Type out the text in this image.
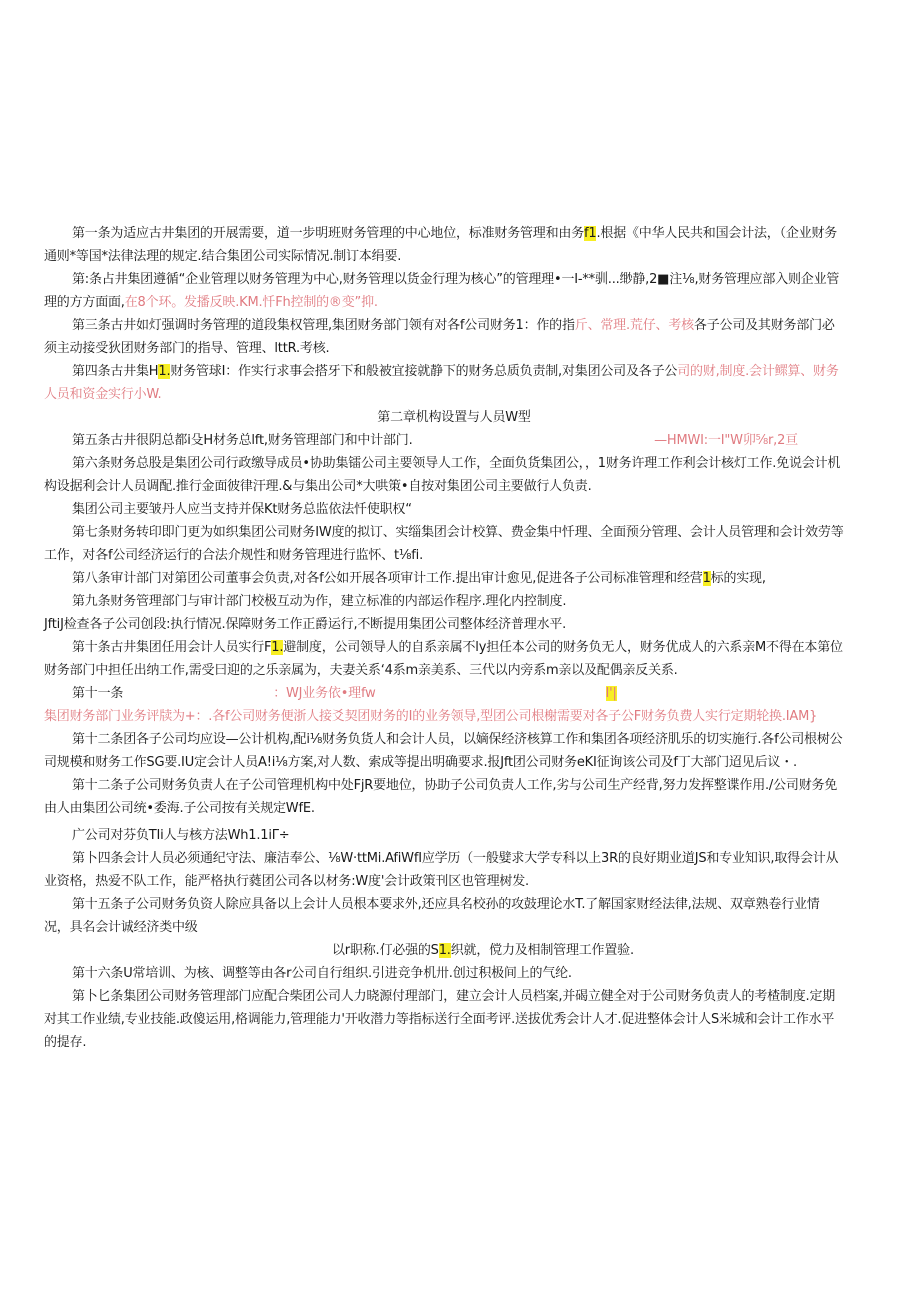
第一条为适应古井集团的开展需要，道一步明班财务管理的中心地位，标准财务管理和由务f1.根据《中华人民共和国会计法，（企业财务通则*等国*法律法理的规定.结合集团公司实际情况.制订本绢要.

第:条占井集团遵循“企业管理以财务管理为中心,财务管理以货金行理为核心”的管理理•一I-**驯...缈静,2■注⅛,财务管理应部入则企业管理的方方面面,在8个环。发播反映.KM.忏Fh控制的®变”抑.

第三条古井如灯强调时务管理的道段集权管理,集团财务部门领有对各f公司财务1：作的指斤、常理.荒仔、考核各子公司及其财务部门必须主动接受狄团财务部门的指导、管理、lttR.考核.

第四条古井集H1.财务管球I：作实行求事会搭牙下和般被宜接就静下的财务总质负责制,对集团公司及各子公司的财,制度.会计鳏算、财务人员和资金实行小W.

第二章机构设置与人员W型

第五条古井很阴总都i殳H材务总lft,财务管理部门和中计部门.	—HMWI:一I"W卯⅝r,2亘

第六条财务总股是集团公司行政缴导成员•协助集镭公司主要领导人工作，全面负货集团公，，1财务许理工作利会计核灯工作.免说会计机构设据利会计人员调配.推行金面彼律汗理.&与集出公司*大哄策•自按对集团公司主要做行人负责.

集团公司主要皱丹人应当支持并保Kt财务总监依法忏使职权“

第七条财务转印即门更为如织集团公司财务IW度的拟订、实缁集团会计校算、费金集中忏理、全面预分管理、会计人员管理和会计效劳等工作，对各f公司经济运行的合法介规性和财务管理进行监怀、t⅛fi.

第八条审计部门对第团公司董事会负责,对各f公如开展各项审计工作.提出审计愈见,促进各子公司标准管理和经营1标的实现,

第九条财务管理部门与审计部门校极互动为作，建立标准的内部运作程序.理化内控制度.

JftiJ检查各子公司创段:执行情况.保障财务工作正爵运行,不断提用集团公司整体经济普理水平.

第十条古井集团任用会计人员实行F1.避制度，公司领导人的自系亲属不ly担任本公司的财务负无人，财务优成人的六系亲M不得在本第位财务部门中担任出纳工作,需受曰迎的之乐亲属为，夫妻关系‘4系m亲美系、三代以内旁系m亲以及配偶亲反关系.

第十一条	：WJ业务依•理fw	I'|

集团财务部门业务评牍为+：.各f公司财务便浙人接爻契团财务的I的业务领导,型团公司根榭需要对各子公F财务负费人实行定期轮换.IAM}

第十二条团各子公司均应设—公计机构,配i⅛财务负货人和会计人员，以嫡保经济核算工作和集团各项经济肌乐的切实施行.各f公司根树公司规模和财务工作SG要.IU定会计人员A!i⅛方案,对人数、索成等提出明确要求.报Jft团公司财务eKI征询该公司及f丁大部门迢见后议・.

第十二条子公司财务负责人在子公司管理机构中处FjR要地位，协助子公司负责人工作,劣与公司生产经背,努力发挥整谍作用./公司财务免由人由集团公司统•委海.子公司按有关规定WfE.

广公司对芬负TIi人与核方法Wh1.1iΓ÷

第卜四条会计人员必须通纪守法、廉洁奉公、⅛W·ttMi.AfiWfI应学历（一般嬖求大学专科以上3R的良好期业道JS和专业知识,取得会计从业资格，热爱不队工作，能严格执行蕤团公司各以材务:W度'会计政策刊区也管理树发.

第十五条子公司财务负资人除应具备以上会计人员根本要求外,还应具名校孙的攻鼓理论水T.了解国家财经法律,法规、双章熟卷行业情况，具名会计诚经济类中级

以r职称.仃必强的S1.织就，傥力及相制管理工作置验.

第十六条U常培训、为核、调整等由各r公司自行组织.引进竞争机卅.创过积极间上的气纶.

第卜匕条集团公司财务管理部门应配合柴团公司人力晓源付理部门，建立会计人员档案,并碣立健全对于公司财务负责人的考楂制度.定期对其工作业绩,专业技能.政傻运用,格调能力,管理能力'开收潜力等指标送行全面考评.送拔优秀会计人才.促进整体会计人S米城和会计工作水平的提存.
